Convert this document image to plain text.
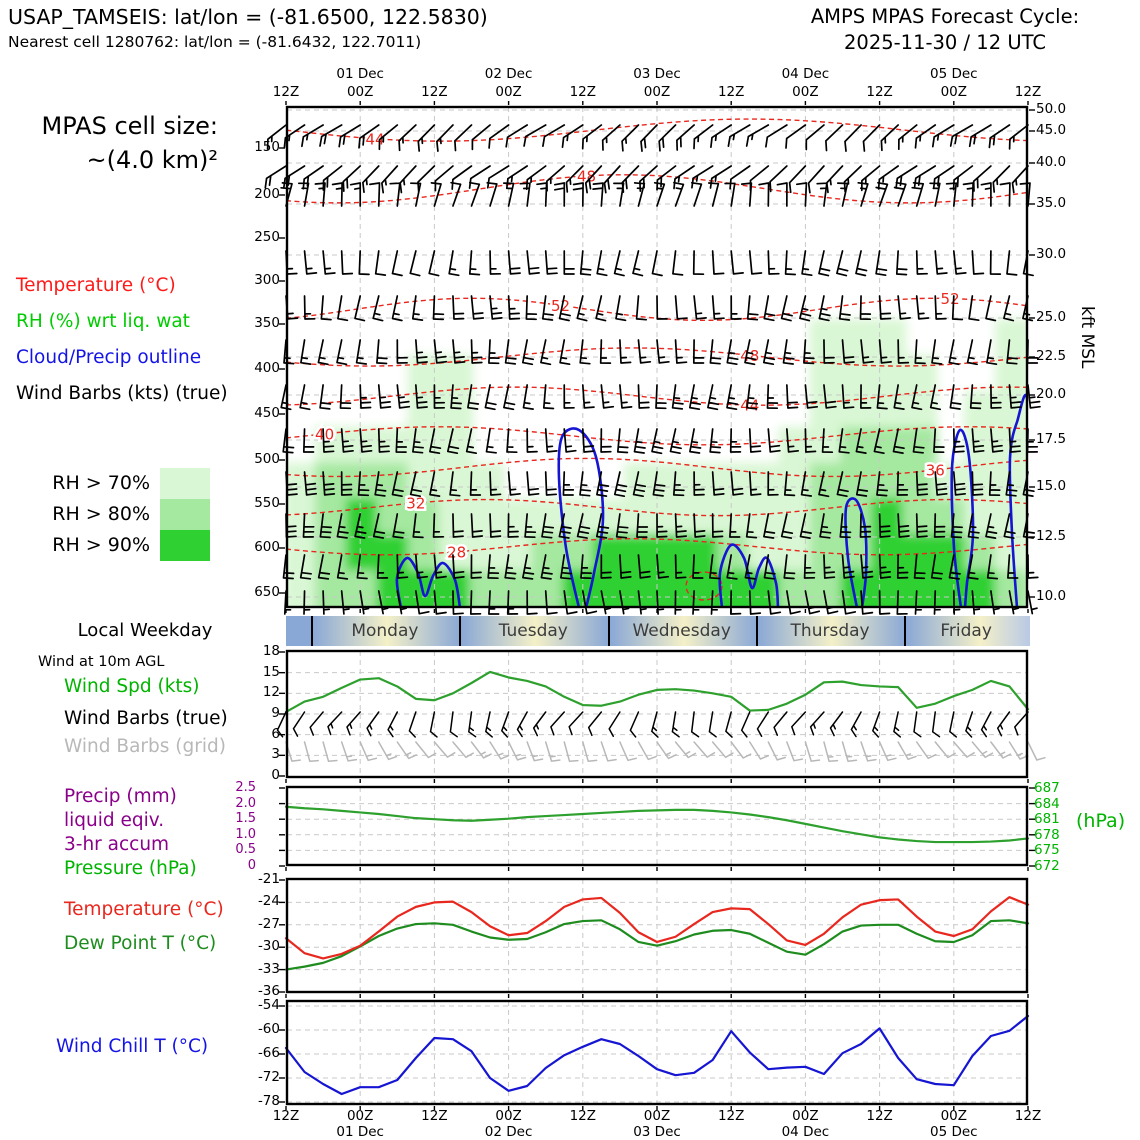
USAP_TAMSEIS: lat/lon = (-81.6500, 122.5830)
Nearest cell 1280762: lat/lon = (-81.6432, 122.7011)
AMPS MPAS Forecast Cycle:
2025-11-30 / 12 UTC
MPAS cell size:
~(4.0 km)²
Temperature (°C)
RH (%) wrt liq. wat
Cloud/Precip outline
Wind Barbs (kts) (true)
RH > 70%
RH > 80%
RH > 90%
Local Weekday
Wind at 10m AGL
Wind Spd (kts)
Wind Barbs (true)
Wind Barbs (grid)
Precip (mm)
liquid eqiv.
3-hr accum
Pressure (hPa)
Temperature (°C)
Dew Point T (°C)
Wind Chill T (°C)
(hPa)
kft MSL
12Z	00Z	12Z	00Z	12Z	00Z	12Z	00Z	12Z	00Z	12Z
01 Dec	02 Dec	03 Dec	04 Dec	05 Dec
12Z	00Z	12Z	00Z	12Z	00Z	12Z	00Z	12Z	00Z	12Z
01 Dec	02 Dec	03 Dec	04 Dec	05 Dec
150
200
250
300
350
400
450
500
550
600
650
18
15
12
9
6
3
0
2.5
2.0
1.5
1.0
0.5
0
-21
-24
-27
-30
-33
-36
-54
-60
-66
-72
-78
50.0
45.0
40.0
35.0
30.0
25.0
22.5
20.0
17.5
15.0
12.5
10.0
687
684
681
678
675
672
Monday	Tuesday	Wednesday	Thursday	Friday
44
48
52	52
48
44
40
36
32
28
